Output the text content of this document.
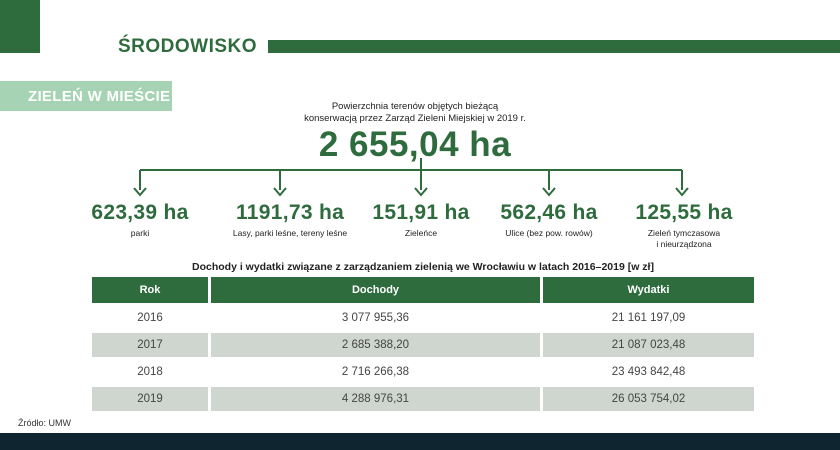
ŚRODOWISKO
ZIELEŃ W MIEŚCIE
Powierzchnia terenów objętych bieżącą
konserwacją przez Zarząd Zieleni Miejskiej w 2019 r.
2 655,04 ha
623,39 ha
parki
1191,73 ha
Lasy, parki leśne, tereny leśne
151,91 ha
Zieleńce
562,46 ha
Ulice (bez pow. rowów)
125,55 ha
Zieleń tymczasowa
i nieurządzona
Dochody i wydatki związane z zarządzaniem zielenią we Wrocławiu w latach 2016–2019 [w zł]
Rok	Dochody	Wydatki
2016	3 077 955,36	21 161 197,09
2017	2 685 388,20	21 087 023,48
2018	2 716 266,38	23 493 842,48
2019	4 288 976,31	26 053 754,02
Źródło: UMW
